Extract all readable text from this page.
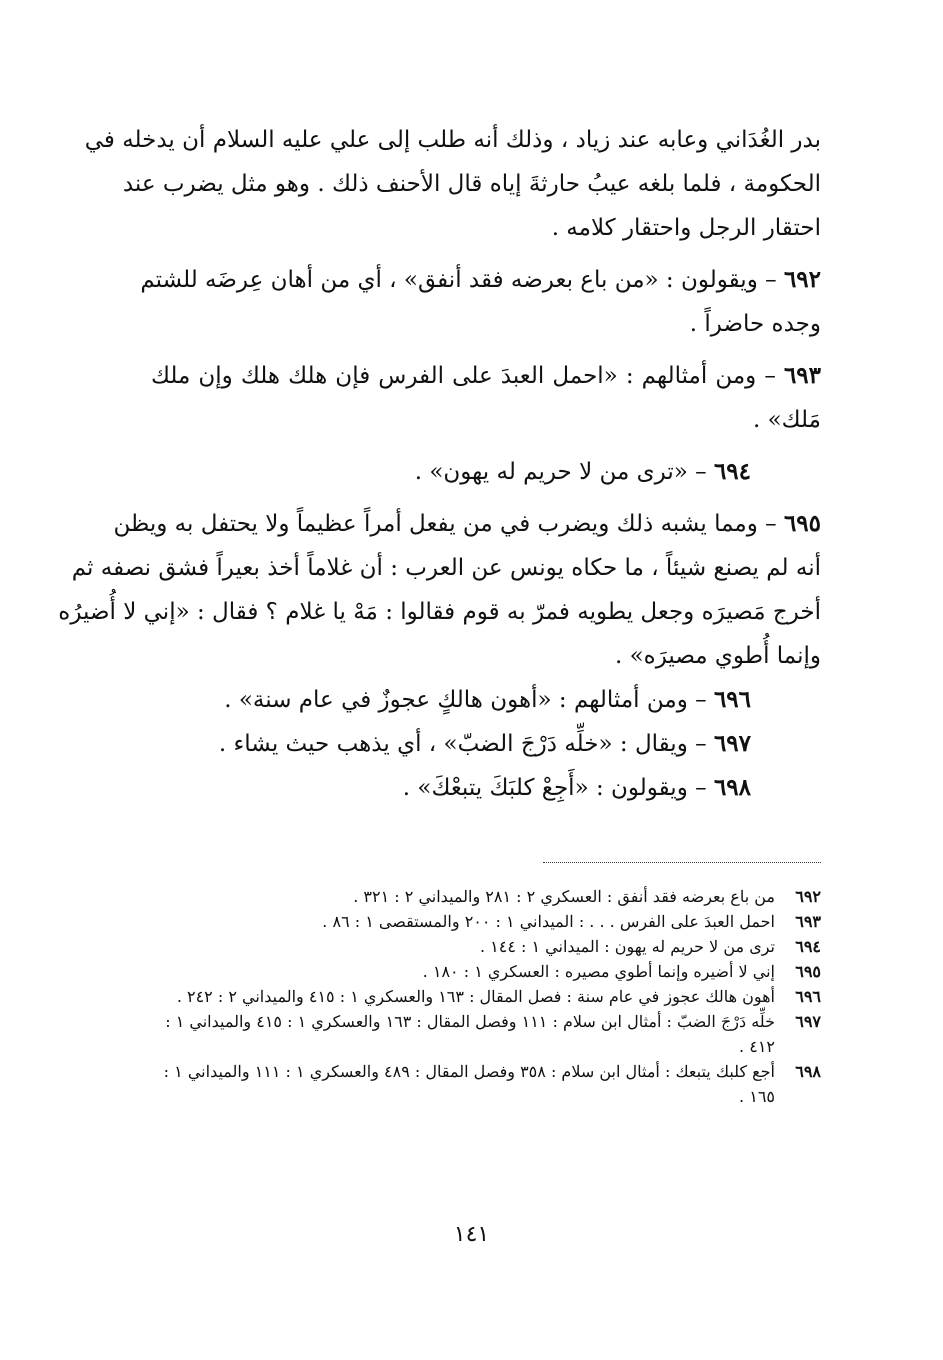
بدر الغُدَاني وعابه عند زياد ، وذلك أنه طلب إلى علي عليه السلام أن يدخله في
الحكومة ، فلما بلغه عيبُ حارثةَ إياه قال الأحنف ذلك . وهو مثل يضرب عند
احتقار الرجل واحتقار كلامه .
٦٩٢ – ويقولون : «من باع بعرضه فقد أنفق» ، أي من أهان عِرضَه للشتم
وجده حاضراً .
٦٩٣ – ومن أمثالهم : «احمل العبدَ على الفرس فإن هلك هلك وإن ملك
مَلك» .
٦٩٤ – «ترى من لا حريم له يهون» .
٦٩٥ – ومما يشبه ذلك ويضرب في من يفعل أمراً عظيماً ولا يحتفل به ويظن
أنه لم يصنع شيئاً ، ما حكاه يونس عن العرب : أن غلاماً أخذ بعيراً فشق نصفه ثم
أخرج مَصيرَه وجعل يطويه فمرّ به قوم فقالوا : مَهْ يا غلام ؟ فقال : «إني لا أُضيرُه
وإنما أُطوي مصيرَه» .
٦٩٦ – ومن أمثالهم : «أهون هالكٍ عجوزٌ في عام سنة» .
٦٩٧ – ويقال : «خلِّه دَرْجَ الضبّ» ، أي يذهب حيث يشاء .
٦٩٨ – ويقولون : «أَجِعْ كلبَكَ يتبعْكَ» .
٦٩٢
من باع بعرضه فقد أنفق : العسكري ٢ : ٢٨١ والميداني ٢ : ٣٢١ .
٦٩٣
احمل العبدَ على الفرس . . . : الميداني ١ : ٢٠٠ والمستقصى ١ : ٨٦ .
٦٩٤
ترى من لا حريم له يهون : الميداني ١ : ١٤٤ .
٦٩٥
إني لا أضيره وإنما أطوي مصيره : العسكري ١ : ١٨٠ .
٦٩٦
أهون هالك عجوز في عام سنة : فصل المقال : ١٦٣ والعسكري ١ : ٤١٥ والميداني ٢ : ٢٤٢ .
٦٩٧
خلِّه دَرْجَ الضبّ : أمثال ابن سلام : ١١١ وفصل المقال : ١٦٣ والعسكري ١ : ٤١٥ والميداني ١ : ٤١٢ .
٦٩٨
أجع كلبك يتبعك : أمثال ابن سلام : ٣٥٨ وفصل المقال : ٤٨٩ والعسكري ١ : ١١١ والميداني ١ : ١٦٥ .
١٤١
